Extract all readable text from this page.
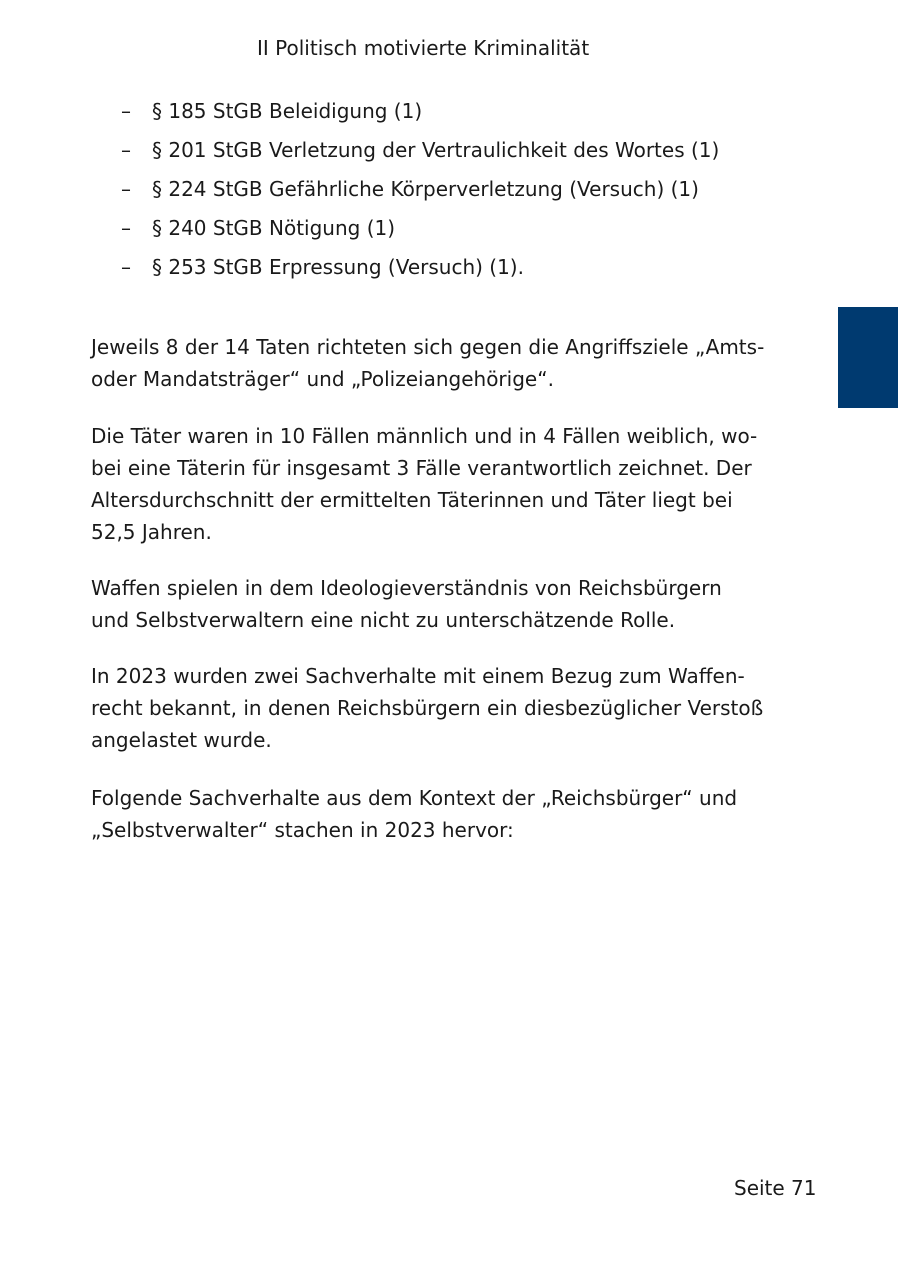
II Politisch motivierte Kriminalität
– § 185 StGB Beleidigung (1)
– § 201 StGB Verletzung der Vertraulichkeit des Wortes (1)
– § 224 StGB Gefährliche Körperverletzung (Versuch) (1)
– § 240 StGB Nötigung (1)
– § 253 StGB Erpressung (Versuch) (1).

Jeweils 8 der 14 Taten richteten sich gegen die Angriffsziele „Amts-
oder Mandatsträger“ und „Polizeiangehörige“.

Die Täter waren in 10 Fällen männlich und in 4 Fällen weiblich, wo-
bei eine Täterin für insgesamt 3 Fälle verantwortlich zeichnet. Der
Altersdurchschnitt der ermittelten Täterinnen und Täter liegt bei
52,5 Jahren.

Waffen spielen in dem Ideologieverständnis von Reichsbürgern
und Selbstverwaltern eine nicht zu unterschätzende Rolle.

In 2023 wurden zwei Sachverhalte mit einem Bezug zum Waffen-
recht bekannt, in denen Reichsbürgern ein diesbezüglicher Verstoß
angelastet wurde.

Folgende Sachverhalte aus dem Kontext der „Reichsbürger“ und
„Selbstverwalter“ stachen in 2023 hervor:

Seite 71
